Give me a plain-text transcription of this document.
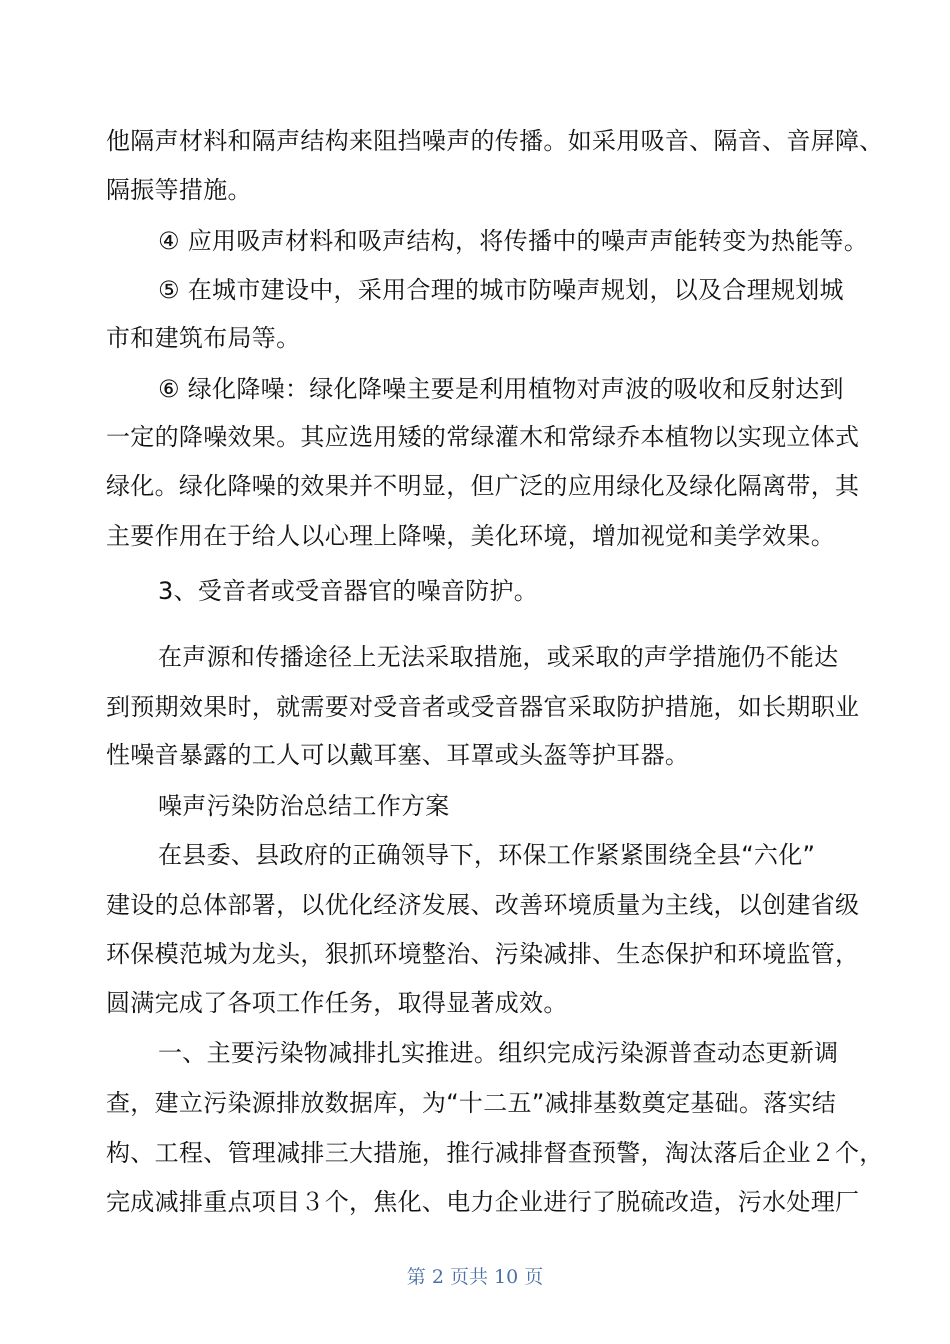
他隔声材料和隔声结构来阻挡噪声的传播。如采用吸音、隔音、音屏障、
隔振等措施。
④ 应用吸声材料和吸声结构，将传播中的噪声声能转变为热能等。
⑤ 在城市建设中，采用合理的城市防噪声规划，以及合理规划城
市和建筑布局等。
⑥ 绿化降噪：绿化降噪主要是利用植物对声波的吸收和反射达到
一定的降噪效果。其应选用矮的常绿灌木和常绿乔本植物以实现立体式
绿化。绿化降噪的效果并不明显，但广泛的应用绿化及绿化隔离带，其
主要作用在于给人以心理上降噪，美化环境，增加视觉和美学效果。
3、受音者或受音器官的噪音防护。
在声源和传播途径上无法采取措施，或采取的声学措施仍不能达
到预期效果时，就需要对受音者或受音器官采取防护措施，如长期职业
性噪音暴露的工人可以戴耳塞、耳罩或头盔等护耳器。
噪声污染防治总结工作方案
在县委、县政府的正确领导下，环保工作紧紧围绕全县“六化”
建设的总体部署，以优化经济发展、改善环境质量为主线，以创建省级
环保模范城为龙头，狠抓环境整治、污染减排、生态保护和环境监管，
圆满完成了各项工作任务，取得显著成效。
一、主要污染物减排扎实推进。组织完成污染源普查动态更新调
查，建立污染源排放数据库，为“十二五”减排基数奠定基础。落实结
构、工程、管理减排三大措施，推行减排督查预警，淘汰落后企业２个，
完成减排重点项目３个，焦化、电力企业进行了脱硫改造，污水处理厂
第 2 页共 10 页
